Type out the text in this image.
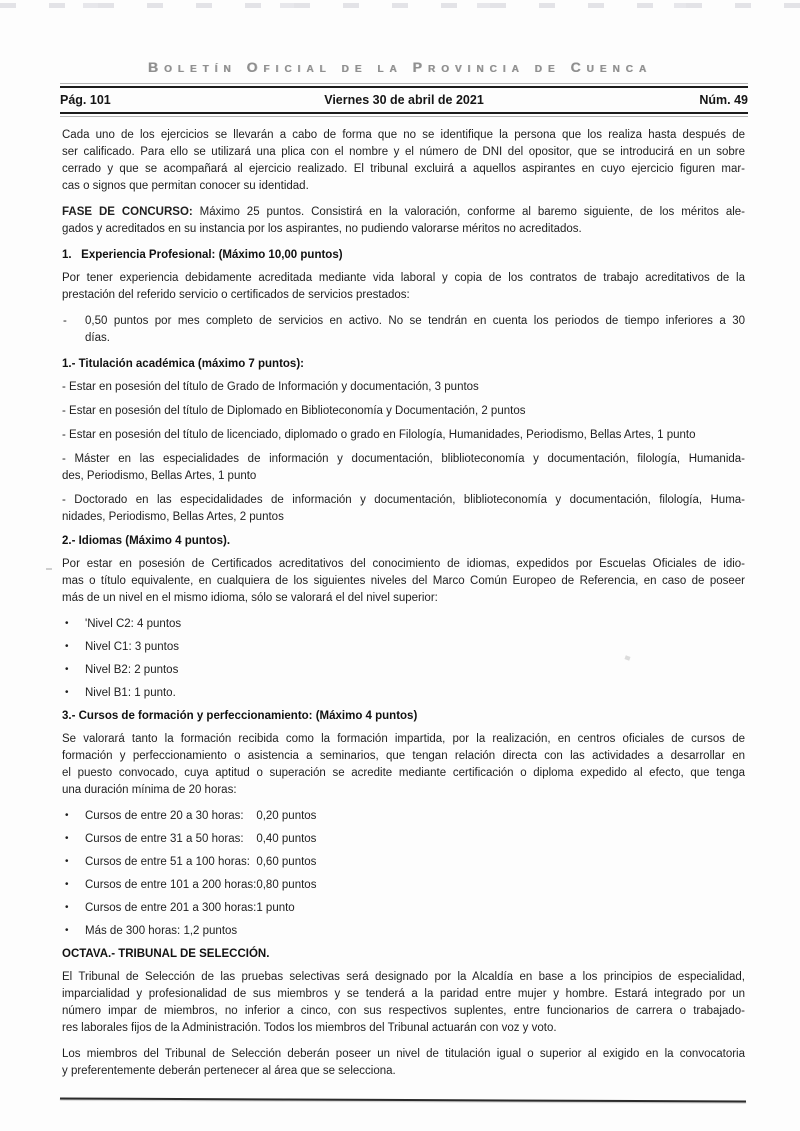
Boletín Oficial de la Provincia de Cuenca
Pág. 101	Viernes 30 de abril de 2021	Núm. 49
Cada uno de los ejercicios se llevarán a cabo de forma que no se identifique la persona que los realiza hasta después de
ser calificado. Para ello se utilizará una plica con el nombre y el número de DNI del opositor, que se introducirá en un sobre
cerrado y que se acompañará al ejercicio realizado. El tribunal excluirá a aquellos aspirantes en cuyo ejercicio figuren mar-
cas o signos que permitan conocer su identidad.
FASE DE CONCURSO: Máximo 25 puntos. Consistirá en la valoración, conforme al baremo siguiente, de los méritos ale-
gados y acreditados en su instancia por los aspirantes, no pudiendo valorarse méritos no acreditados.
1.   Experiencia Profesional: (Máximo 10,00 puntos)
Por tener experiencia debidamente acreditada mediante vida laboral y copia de los contratos de trabajo acreditativos de la
prestación del referido servicio o certificados de servicios prestados:
- 0,50 puntos por mes completo de servicios en activo. No se tendrán en cuenta los periodos de tiempo inferiores a 30
días.
1.- Titulación académica (máximo 7 puntos):
- Estar en posesión del título de Grado de Información y documentación, 3 puntos
- Estar en posesión del título de Diplomado en Biblioteconomía y Documentación, 2 puntos
- Estar en posesión del título de licenciado, diplomado o grado en Filología, Humanidades, Periodismo, Bellas Artes, 1 punto
- Máster en las especialidades de información y documentación, bliblioteconomía y documentación, filología, Humanida-
des, Periodismo, Bellas Artes, 1 punto
- Doctorado en las especidalidades de información y documentación, bliblioteconomía y documentación, filología, Huma-
nidades, Periodismo, Bellas Artes, 2 puntos
2.- Idiomas (Máximo 4 puntos).
Por estar en posesión de Certificados acreditativos del conocimiento de idiomas, expedidos por Escuelas Oficiales de idio-
mas o título equivalente, en cualquiera de los siguientes niveles del Marco Común Europeo de Referencia, en caso de poseer
más de un nivel en el mismo idioma, sólo se valorará el del nivel superior:
• 'Nivel C2: 4 puntos
• Nivel C1: 3 puntos
• Nivel B2: 2 puntos
• Nivel B1: 1 punto.
3.- Cursos de formación y perfeccionamiento: (Máximo 4 puntos)
Se valorará tanto la formación recibida como la formación impartida, por la realización, en centros oficiales de cursos de
formación y perfeccionamiento o asistencia a seminarios, que tengan relación directa con las actividades a desarrollar en
el puesto convocado, cuya aptitud o superación se acredite mediante certificación o diploma expedido al efecto, que tenga
una duración mínima de 20 horas:
• Cursos de entre 20 a 30 horas:    0,20 puntos
• Cursos de entre 31 a 50 horas:    0,40 puntos
• Cursos de entre 51 a 100 horas:  0,60 puntos
• Cursos de entre 101 a 200 horas:0,80 puntos
• Cursos de entre 201 a 300 horas:1 punto
• Más de 300 horas: 1,2 puntos
OCTAVA.- TRIBUNAL DE SELECCIÓN.
El Tribunal de Selección de las pruebas selectivas será designado por la Alcaldía en base a los principios de especialidad,
imparcialidad y profesionalidad de sus miembros y se tenderá a la paridad entre mujer y hombre. Estará integrado por un
número impar de miembros, no inferior a cinco, con sus respectivos suplentes, entre funcionarios de carrera o trabajado-
res laborales fijos de la Administración. Todos los miembros del Tribunal actuarán con voz y voto.
Los miembros del Tribunal de Selección deberán poseer un nivel de titulación igual o superior al exigido en la convocatoria
y preferentemente deberán pertenecer al área que se selecciona.
